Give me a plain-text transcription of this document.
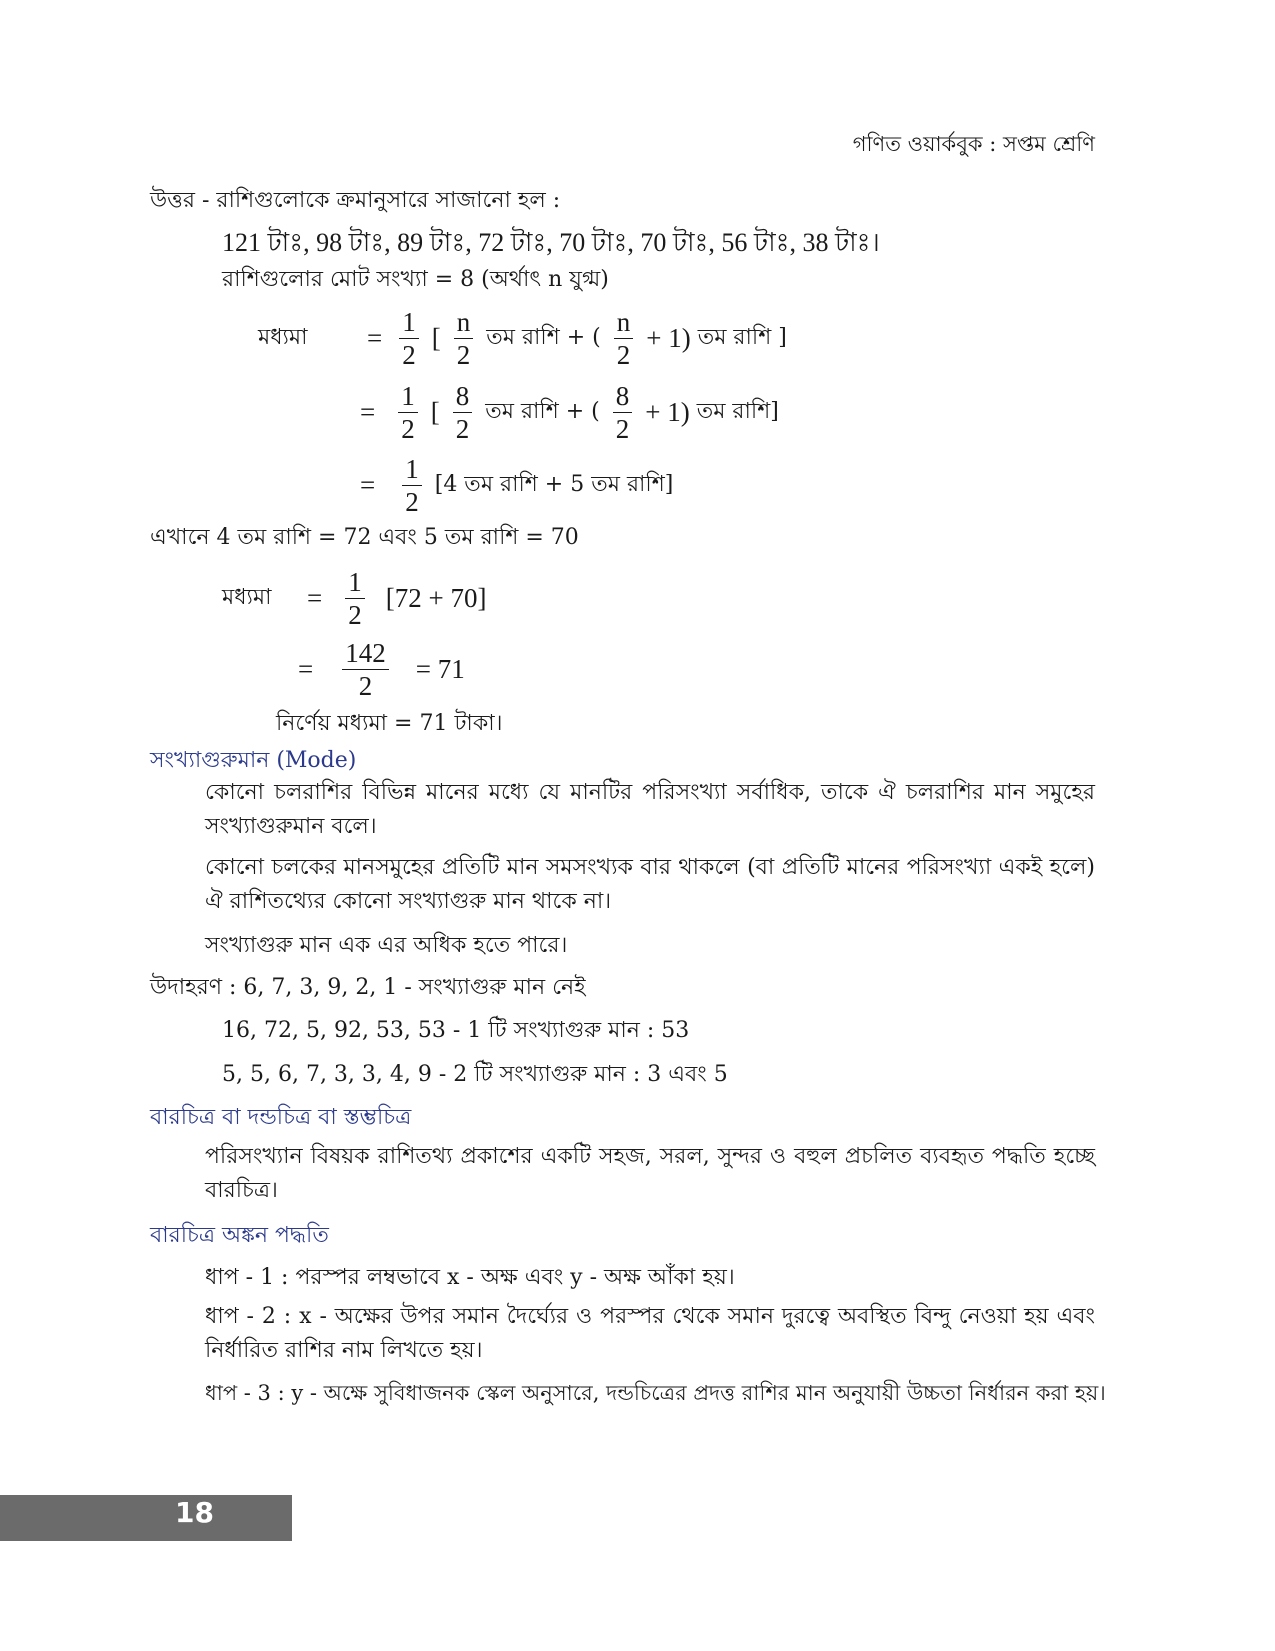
গণিত ওয়ার্কবুক : সপ্তম শ্রেণি
উত্তর - রাশিগুলোকে ক্রমানুসারে সাজানো হল :
121 টাঃ, 98 টাঃ, 89 টাঃ, 72 টাঃ, 70 টাঃ, 70 টাঃ, 56 টাঃ, 38 টাঃ।
রাশিগুলোর মোট সংখ্যা = 8 (অর্থাৎ n যুগ্ম)
মধ্যমা = $\frac{1}{2}$ [ $\frac{n}{2}$ তম রাশি + ( $\frac{n}{2} + 1$) তম রাশি ]
= $\frac{1}{2}$ [ $\frac{8}{2}$ তম রাশি + ( $\frac{8}{2} + 1$) তম রাশি]
= $\frac{1}{2} [4$ তম রাশি + 5 তম রাশি]
এখানে 4 তম রাশি = 72 এবং 5 তম রাশি = 70
মধ্যমা = $\frac{1}{2} [72 + 70]$
= $\frac{142}{2} = 71$
নির্ণেয় মধ্যমা = 71 টাকা।
সংখ্যাগুরুমান (Mode)
কোনো চলরাশির বিভিন্ন মানের মধ্যে যে মানটির পরিসংখ্যা সর্বাধিক, তাকে ঐ চলরাশির মান সমুহের সংখ্যাগুরুমান বলে।
কোনো চলকের মানসমুহের প্রতিটি মান সমসংখ্যক বার থাকলে (বা প্রতিটি মানের পরিসংখ্যা একই হলে) ঐ রাশিতথ্যের কোনো সংখ্যাগুরু মান থাকে না।
সংখ্যাগুরু মান এক এর অধিক হতে পারে।
উদাহরণ : 6, 7, 3, 9, 2, 1 - সংখ্যাগুরু মান নেই
16, 72, 5, 92, 53, 53 - 1 টি সংখ্যাগুরু মান : 53
5, 5, 6, 7, 3, 3, 4, 9 - 2 টি সংখ্যাগুরু মান : 3 এবং 5
বারচিত্র বা দন্ডচিত্র বা স্তম্ভচিত্র
পরিসংখ্যান বিষয়ক রাশিতথ্য প্রকাশের একটি সহজ, সরল, সুন্দর ও বহুল প্রচলিত ব্যবহৃত পদ্ধতি হচ্ছে বারচিত্র।
বারচিত্র অঙ্কন পদ্ধতি
ধাপ - 1 : পরস্পর লম্বভাবে x - অক্ষ এবং y - অক্ষ আঁকা হয়।
ধাপ - 2 : x - অক্ষের উপর সমান দৈর্ঘ্যের ও পরস্পর থেকে সমান দুরত্বে অবস্থিত বিন্দু নেওয়া হয় এবং নির্ধারিত রাশির নাম লিখতে হয়।
ধাপ - 3 : y - অক্ষে সুবিধাজনক স্কেল অনুসারে, দন্ডচিত্রের প্রদত্ত রাশির মান অনুযায়ী উচ্চতা নির্ধারন করা হয়।
18
